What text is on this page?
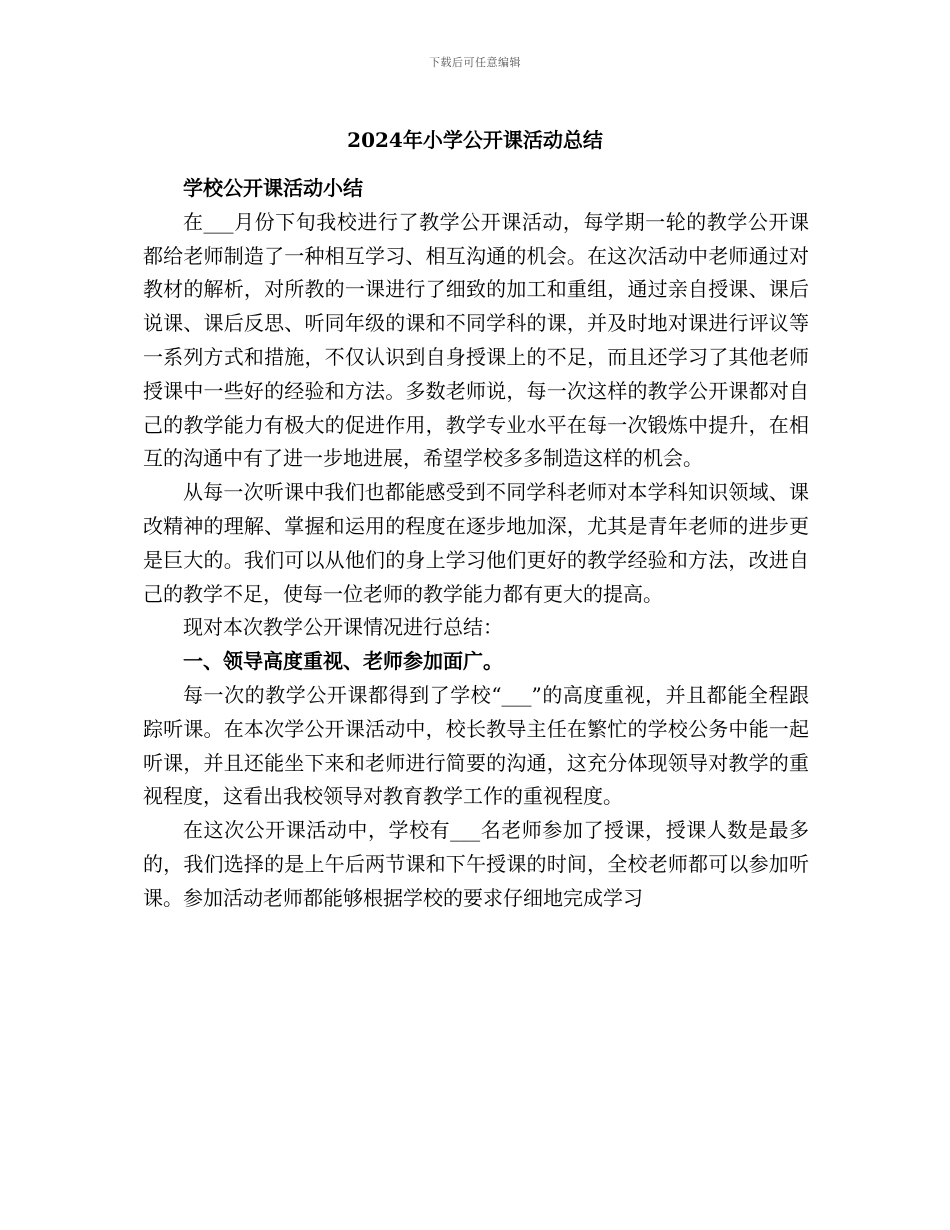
下载后可任意编辑
2024年小学公开课活动总结

学校公开课活动小结

在___月份下旬我校进行了教学公开课活动，每学期一轮的教学公开课都给老师制造了一种相互学习、相互沟通的机会。在这次活动中老师通过对教材的解析，对所教的一课进行了细致的加工和重组，通过亲自授课、课后说课、课后反思、听同年级的课和不同学科的课，并及时地对课进行评议等一系列方式和措施，不仅认识到自身授课上的不足，而且还学习了其他老师授课中一些好的经验和方法。多数老师说，每一次这样的教学公开课都对自己的教学能力有极大的促进作用，教学专业水平在每一次锻炼中提升，在相互的沟通中有了进一步地进展，希望学校多多制造这样的机会。

从每一次听课中我们也都能感受到不同学科老师对本学科知识领域、课改精神的理解、掌握和运用的程度在逐步地加深，尤其是青年老师的进步更是巨大的。我们可以从他们的身上学习他们更好的教学经验和方法，改进自己的教学不足，使每一位老师的教学能力都有更大的提高。

现对本次教学公开课情况进行总结：

一、领导高度重视、老师参加面广。

每一次的教学公开课都得到了学校“___”的高度重视，并且都能全程跟踪听课。在本次学公开课活动中，校长教导主任在繁忙的学校公务中能一起听课，并且还能坐下来和老师进行简要的沟通，这充分体现领导对教学的重视程度，这看出我校领导对教育教学工作的重视程度。

在这次公开课活动中，学校有___名老师参加了授课，授课人数是最多的，我们选择的是上午后两节课和下午授课的时间，全校老师都可以参加听课。参加活动老师都能够根据学校的要求仔细地完成学习
